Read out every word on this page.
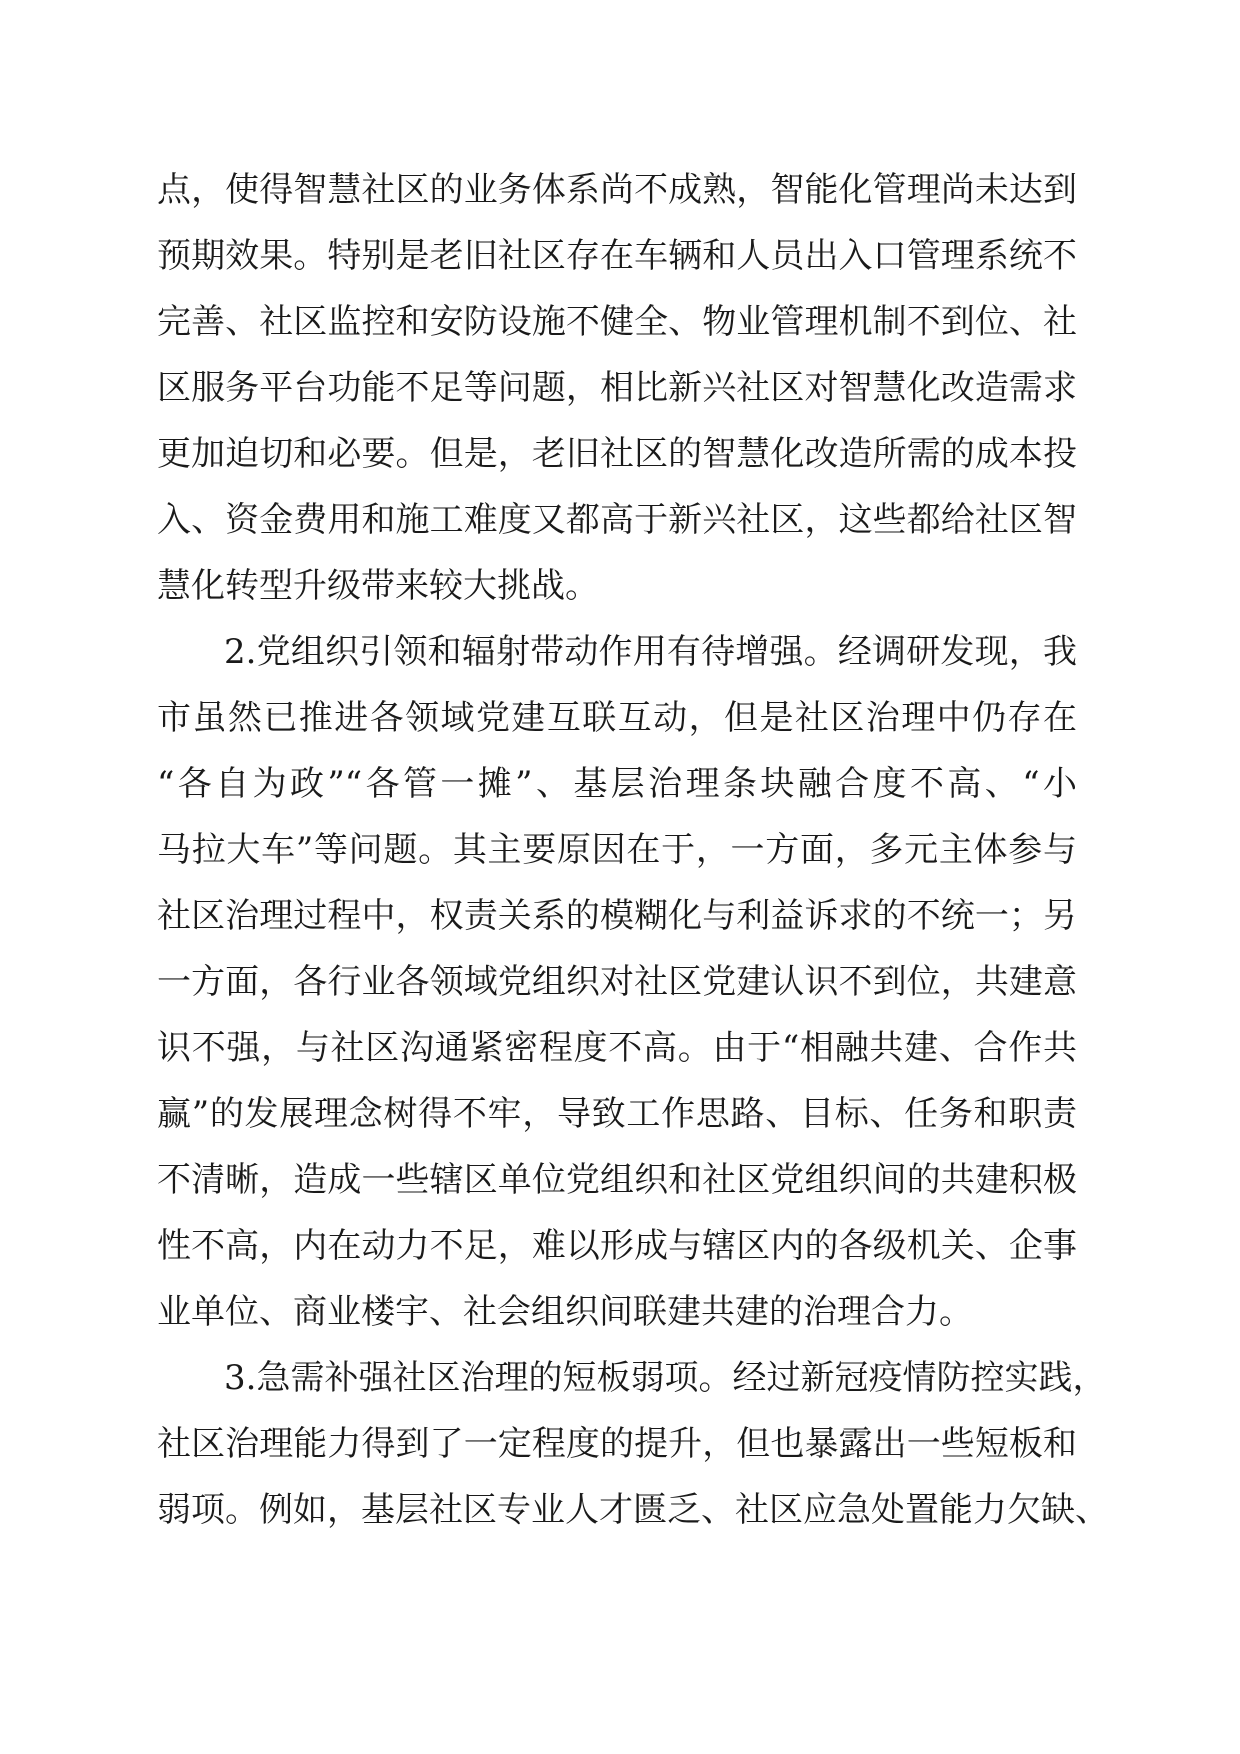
点，使得智慧社区的业务体系尚不成熟，智能化管理尚未达到

预期效果。特别是老旧社区存在车辆和人员出入口管理系统不

完善、社区监控和安防设施不健全、物业管理机制不到位、社

区服务平台功能不足等问题，相比新兴社区对智慧化改造需求

更加迫切和必要。但是，老旧社区的智慧化改造所需的成本投

入、资金费用和施工难度又都高于新兴社区，这些都给社区智

慧化转型升级带来较大挑战。

2.党组织引领和辐射带动作用有待增强。经调研发现，我

市虽然已推进各领域党建互联互动，但是社区治理中仍存在

“各自为政”“各管一摊”、基层治理条块融合度不高、“小

马拉大车”等问题。其主要原因在于，一方面，多元主体参与

社区治理过程中，权责关系的模糊化与利益诉求的不统一；另

一方面，各行业各领域党组织对社区党建认识不到位，共建意

识不强，与社区沟通紧密程度不高。由于“相融共建、合作共

赢”的发展理念树得不牢，导致工作思路、目标、任务和职责

不清晰，造成一些辖区单位党组织和社区党组织间的共建积极

性不高，内在动力不足，难以形成与辖区内的各级机关、企事

业单位、商业楼宇、社会组织间联建共建的治理合力。

3.急需补强社区治理的短板弱项。经过新冠疫情防控实践，

社区治理能力得到了一定程度的提升，但也暴露出一些短板和

弱项。例如，基层社区专业人才匮乏、社区应急处置能力欠缺、
